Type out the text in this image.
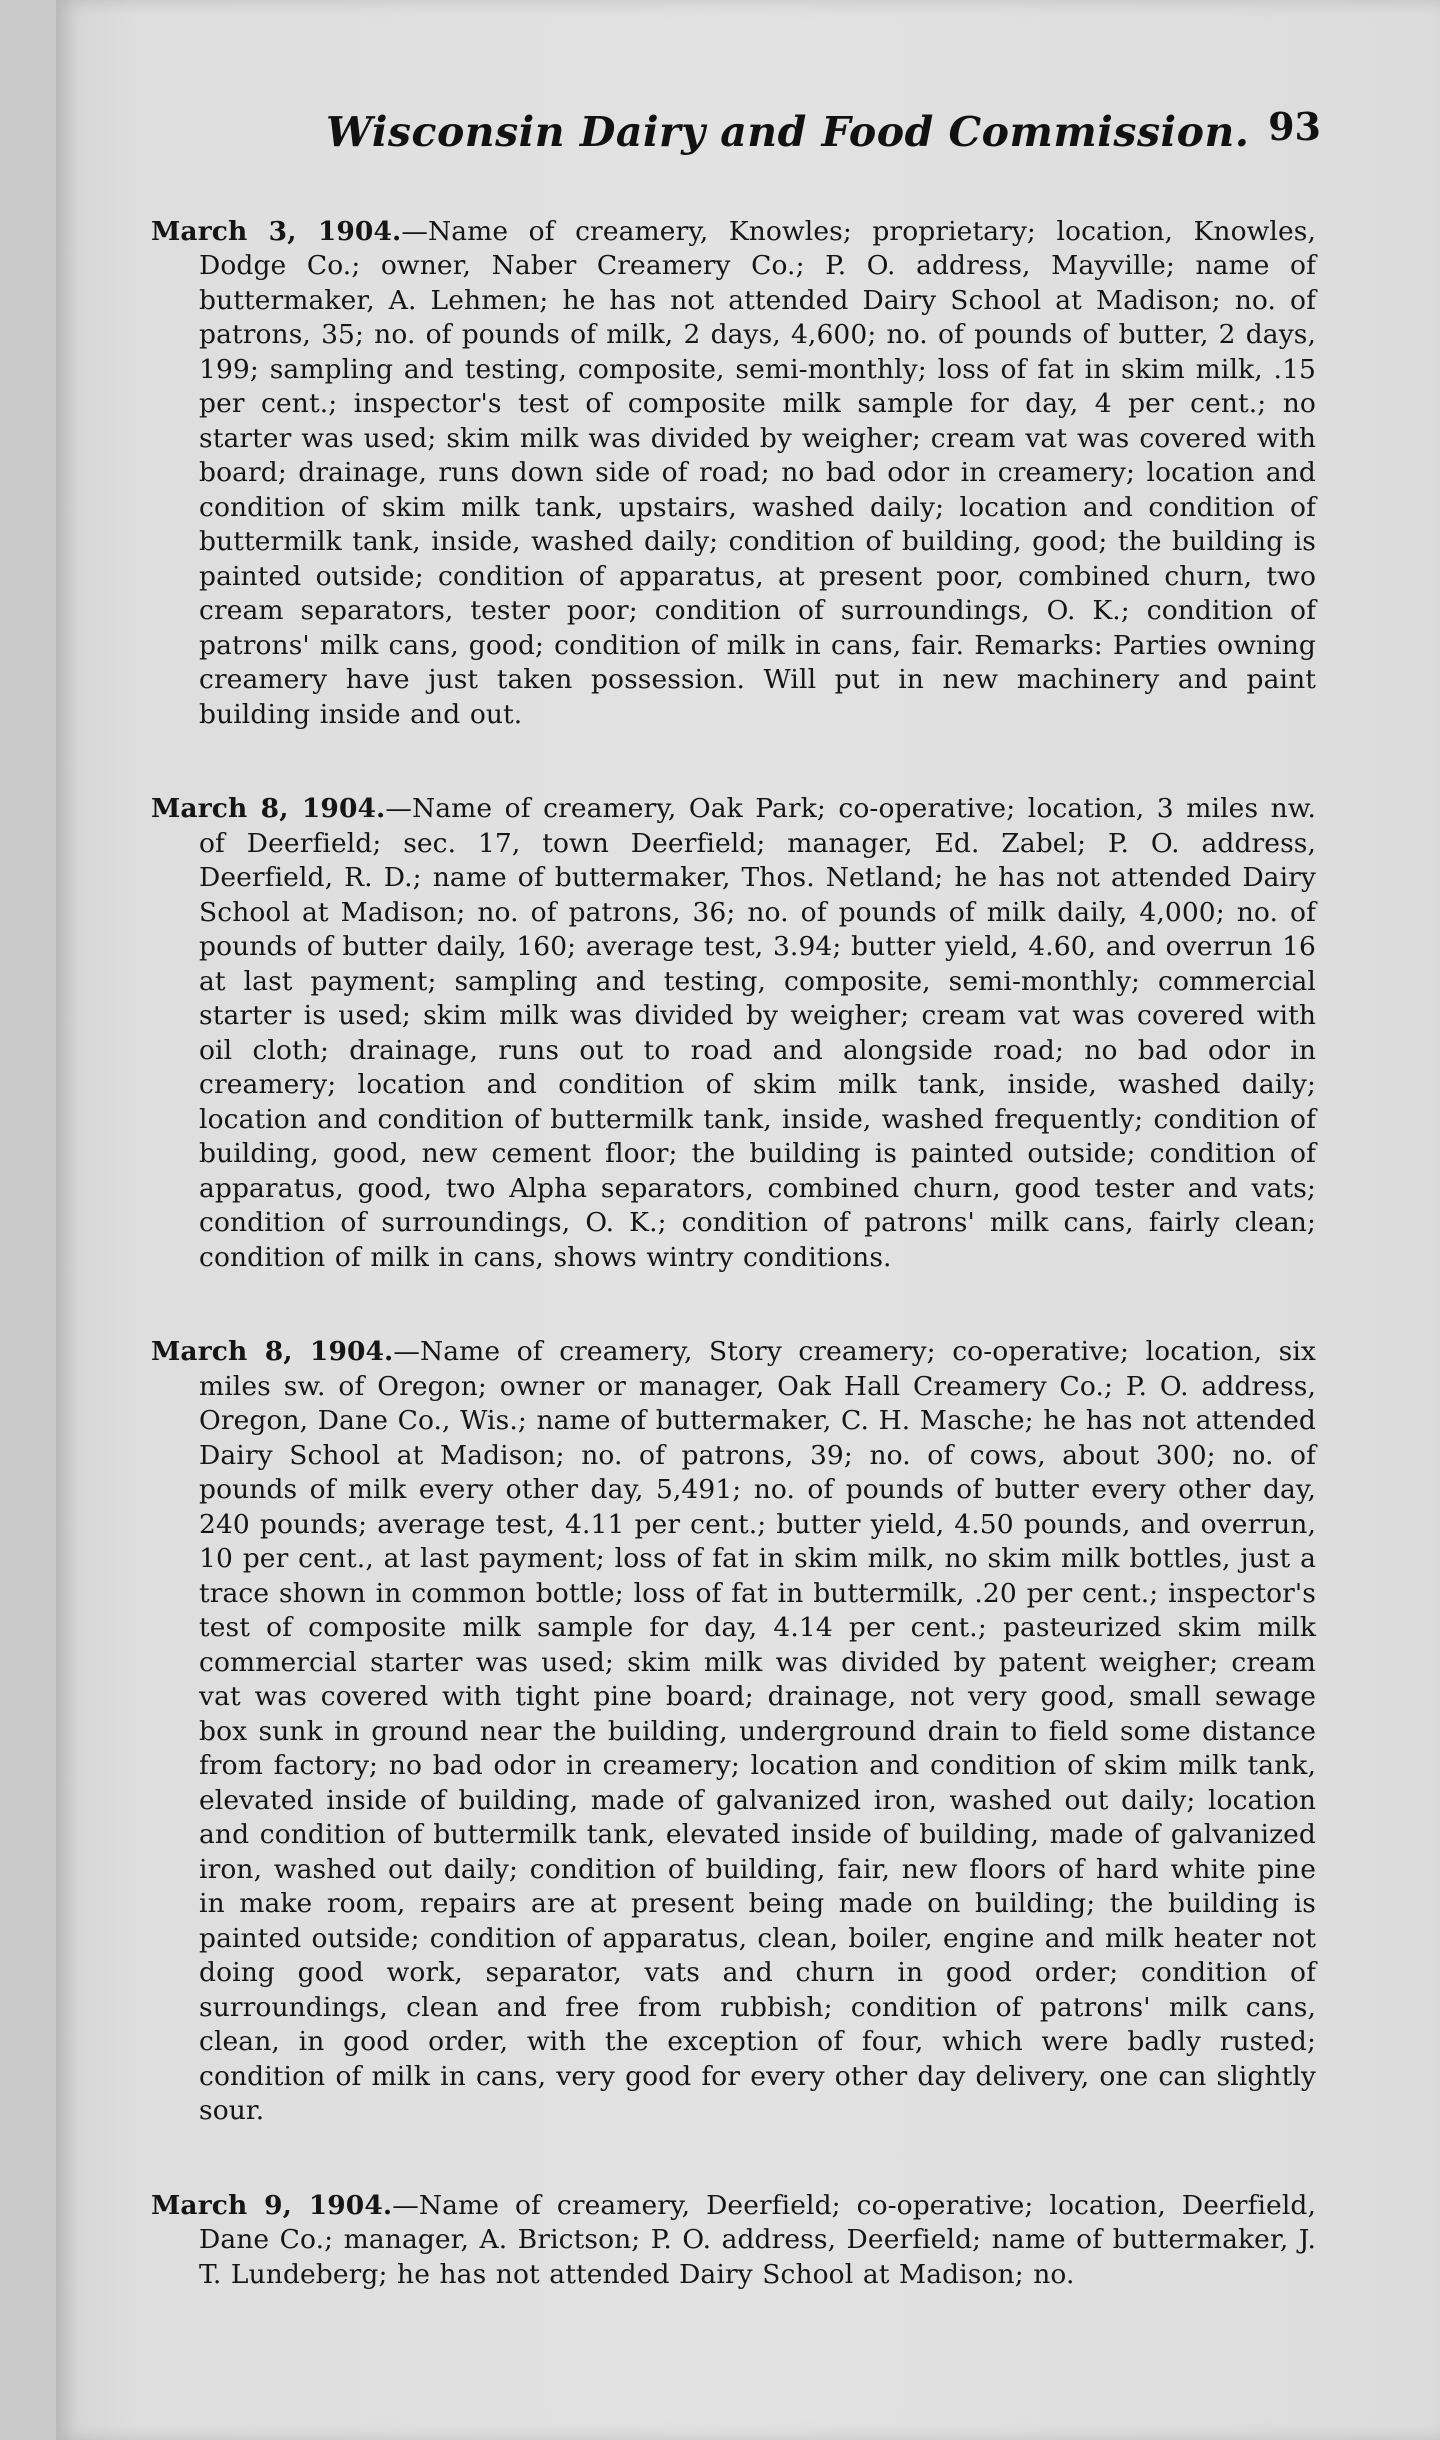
Wisconsin Dairy and Food Commission. 93

March 3, 1904.—Name of creamery, Knowles; proprietary; location, Knowles, Dodge Co.; owner, Naber Creamery Co.; P. O. address, Mayville; name of buttermaker, A. Lehmen; he has not attended Dairy School at Madison; no. of patrons, 35; no. of pounds of milk, 2 days, 4,600; no. of pounds of butter, 2 days, 199; sampling and testing, composite, semi-monthly; loss of fat in skim milk, .15 per cent.; inspector's test of composite milk sample for day, 4 per cent.; no starter was used; skim milk was divided by weigher; cream vat was covered with board; drainage, runs down side of road; no bad odor in creamery; location and condition of skim milk tank, upstairs, washed daily; location and condition of buttermilk tank, inside, washed daily; condition of building, good; the building is painted outside; condition of apparatus, at present poor, combined churn, two cream separators, tester poor; condition of surroundings, O. K.; condition of patrons' milk cans, good; condition of milk in cans, fair. Remarks: Parties owning creamery have just taken possession. Will put in new machinery and paint building inside and out.

March 8, 1904.—Name of creamery, Oak Park; co-operative; location, 3 miles nw. of Deerfield; sec. 17, town Deerfield; manager, Ed. Zabel; P. O. address, Deerfield, R. D.; name of buttermaker, Thos. Netland; he has not attended Dairy School at Madison; no. of patrons, 36; no. of pounds of milk daily, 4,000; no. of pounds of butter daily, 160; average test, 3.94; butter yield, 4.60, and overrun 16 at last payment; sampling and testing, composite, semi-monthly; commercial starter is used; skim milk was divided by weigher; cream vat was covered with oil cloth; drainage, runs out to road and alongside road; no bad odor in creamery; location and condition of skim milk tank, inside, washed daily; location and condition of buttermilk tank, inside, washed frequently; condition of building, good, new cement floor; the building is painted outside; condition of apparatus, good, two Alpha separators, combined churn, good tester and vats; condition of surroundings, O. K.; condition of patrons' milk cans, fairly clean; condition of milk in cans, shows wintry conditions.

March 8, 1904.—Name of creamery, Story creamery; co-operative; location, six miles sw. of Oregon; owner or manager, Oak Hall Creamery Co.; P. O. address, Oregon, Dane Co., Wis.; name of buttermaker, C. H. Masche; he has not attended Dairy School at Madison; no. of patrons, 39; no. of cows, about 300; no. of pounds of milk every other day, 5,491; no. of pounds of butter every other day, 240 pounds; average test, 4.11 per cent.; butter yield, 4.50 pounds, and overrun, 10 per cent., at last payment; loss of fat in skim milk, no skim milk bottles, just a trace shown in common bottle; loss of fat in buttermilk, .20 per cent.; inspector's test of composite milk sample for day, 4.14 per cent.; pasteurized skim milk commercial starter was used; skim milk was divided by patent weigher; cream vat was covered with tight pine board; drainage, not very good, small sewage box sunk in ground near the building, underground drain to field some distance from factory; no bad odor in creamery; location and condition of skim milk tank, elevated inside of building, made of galvanized iron, washed out daily; location and condition of buttermilk tank, elevated inside of building, made of galvanized iron, washed out daily; condition of building, fair, new floors of hard white pine in make room, repairs are at present being made on building; the building is painted outside; condition of apparatus, clean, boiler, engine and milk heater not doing good work, separator, vats and churn in good order; condition of surroundings, clean and free from rubbish; condition of patrons' milk cans, clean, in good order, with the exception of four, which were badly rusted; condition of milk in cans, very good for every other day delivery, one can slightly sour.

March 9, 1904.—Name of creamery, Deerfield; co-operative; location, Deerfield, Dane Co.; manager, A. Brictson; P. O. address, Deerfield; name of buttermaker, J. T. Lundeberg; he has not attended Dairy School at Madison; no.
